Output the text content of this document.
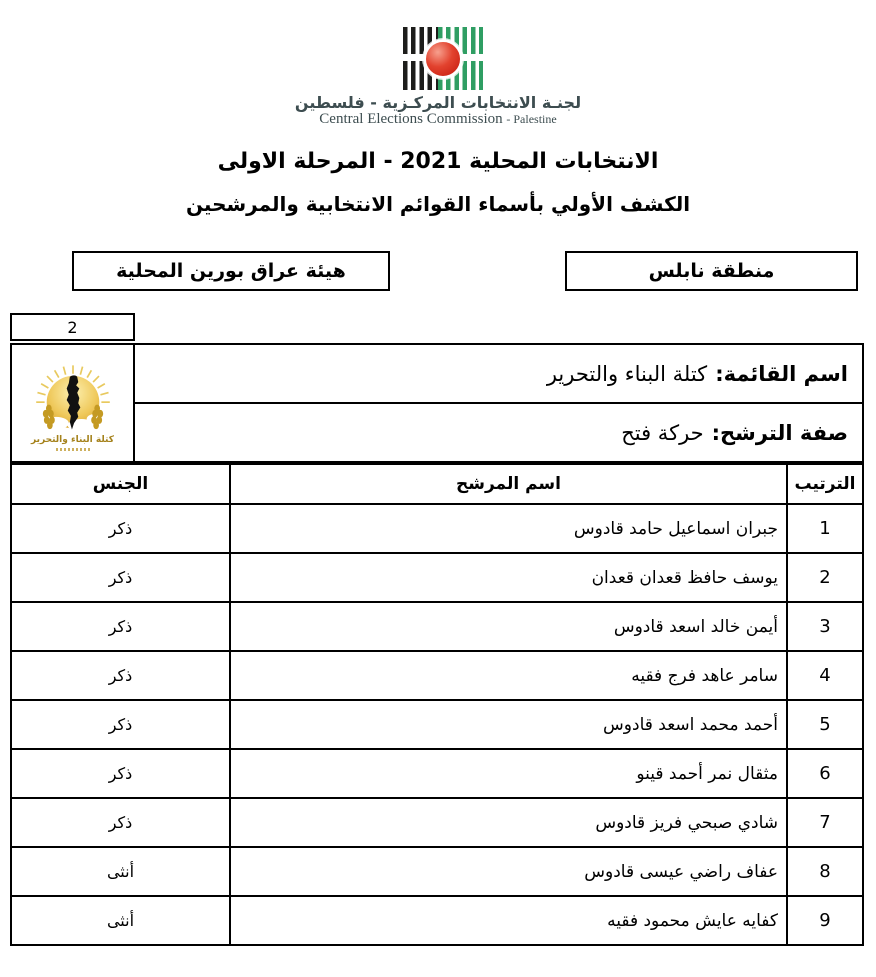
لجنـة الانتخابات المركـزية - فلسطين
Central Elections Commission - Palestine
الانتخابات المحلية 2021 - المرحلة الاولى
الكشف الأولي بأسماء القوائم الانتخابية والمرشحين
منطقة نابلس
هيئة عراق بورين المحلية
2
كتلة البناء والتحرير
اسم القائمة:
كتلة البناء والتحرير
صفة الترشح:
حركة فتح
الترتيب	اسم المرشح	الجنس
1	جبران اسماعيل حامد قادوس	ذكر
2	يوسف حافظ قعدان قعدان	ذكر
3	أيمن خالد اسعد قادوس	ذكر
4	سامر عاهد فرج فقيه	ذكر
5	أحمد محمد اسعد قادوس	ذكر
6	مثقال نمر أحمد قينو	ذكر
7	شادي صبحي فريز قادوس	ذكر
8	عفاف راضي عيسى قادوس	أنثى
9	كفايه عايش محمود فقيه	أنثى
